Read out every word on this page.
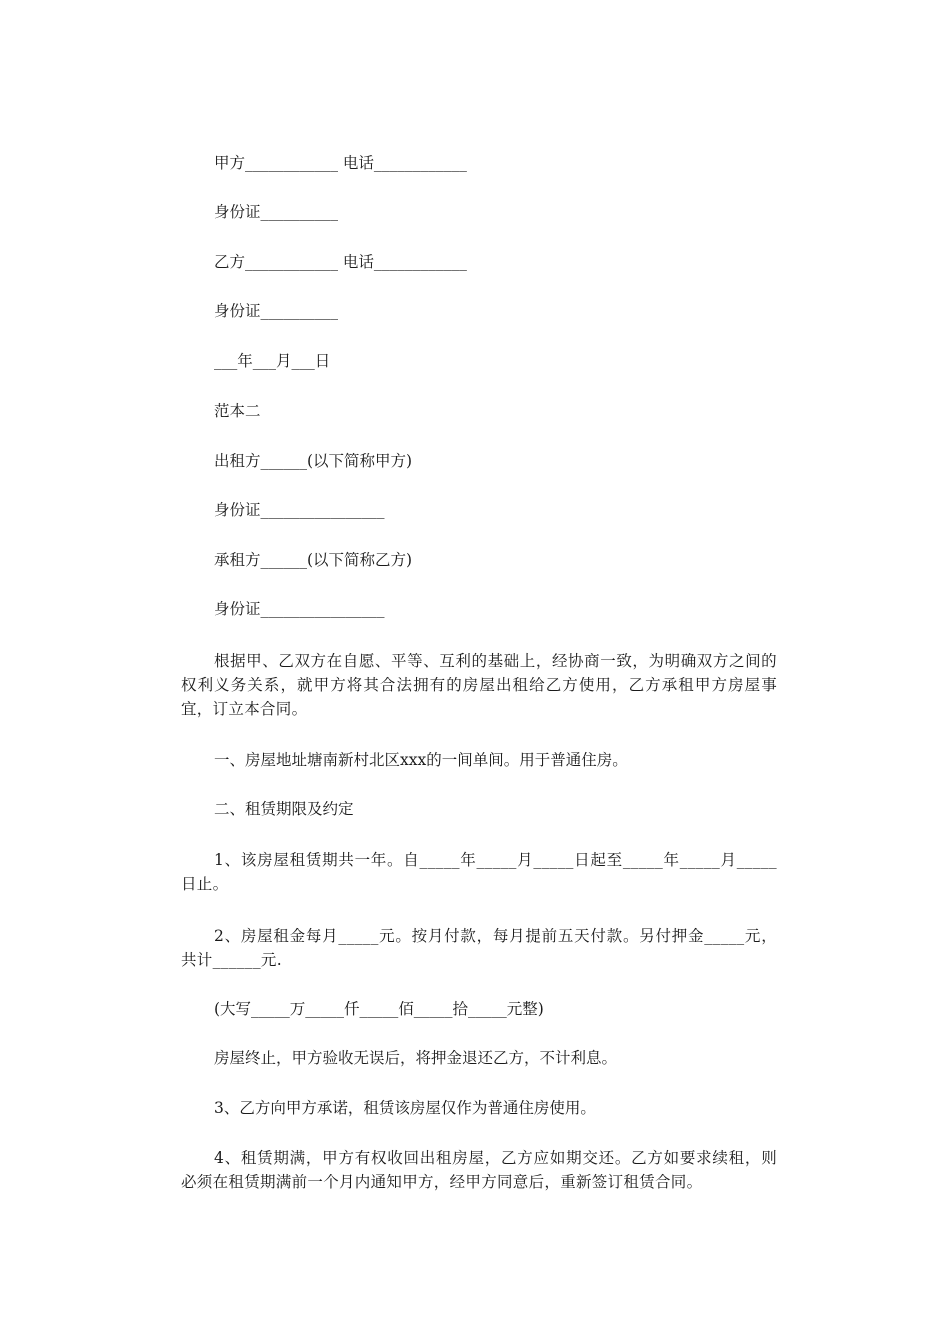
甲方____________ 电话____________
身份证__________
乙方____________ 电话____________
身份证__________
___年___月___日
范本二
出租方______(以下简称甲方)
身份证________________
承租方______(以下简称乙方)
身份证________________
根据甲、乙双方在自愿、平等、互利的基础上，经协商一致，为明确双方之间的权利义务关系，就甲方将其合法拥有的房屋出租给乙方使用，乙方承租甲方房屋事宜，订立本合同。
一、房屋地址塘南新村北区xxx的一间单间。用于普通住房。
二、租赁期限及约定
1、该房屋租赁期共一年。自_____年_____月_____日起至_____年_____月_____日止。
2、房屋租金每月_____元。按月付款，每月提前五天付款。另付押金_____元，共计______元.
(大写_____万_____仟_____佰_____拾_____元整)
房屋终止，甲方验收无误后，将押金退还乙方，不计利息。
3、乙方向甲方承诺，租赁该房屋仅作为普通住房使用。
4、租赁期满，甲方有权收回出租房屋，乙方应如期交还。乙方如要求续租，则必须在租赁期满前一个月内通知甲方，经甲方同意后，重新签订租赁合同。
